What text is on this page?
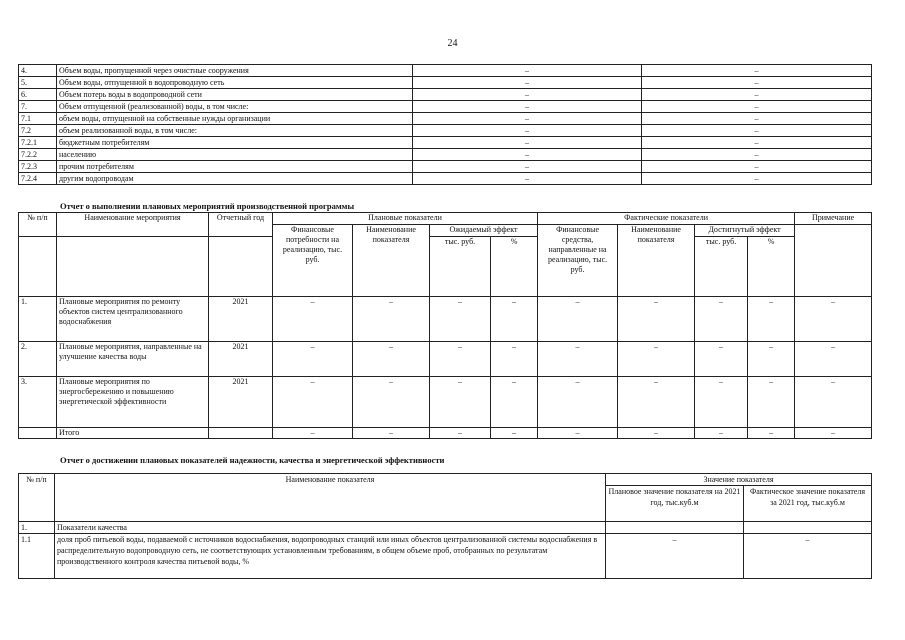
24
4.	Объем воды, пропущенной через очистные сооружения	–	–
5.	Объем воды, отпущенной в водопроводную сеть	–	–
6.	Объем потерь воды в водопроводной сети	–	–
7.	Объем отпущенной (реализованной) воды, в том числе:	–	–
7.1	объем воды, отпущенной на собственные нужды организации	–	–
7.2	объем реализованной воды, в том числе:	–	–
7.2.1	бюджетным потребителям	–	–
7.2.2	населению	–	–
7.2.3	прочим потребителям	–	–
7.2.4	другим водопроводам	–	–
Отчет о выполнении плановых мероприятий производственной программы
№ п/п	Наименование мероприятия	Отчетный год	Плановые показатели				Фактические показатели				Примечание
			Финансовые потребности на реализацию, тыс. руб.	Наименование показателя	Ожидаемый эффект		Финансовые средства, направленные на реализацию, тыс. руб.	Наименование показателя	Достигнутый эффект		
					тыс. руб.	%			тыс. руб.	%	
1.	Плановые мероприятия по ремонту объектов систем централизованного водоснабжения	2021	–	–	–	–	–	–	–	–	–
2.	Плановые мероприятия, направленные на улучшение качества воды	2021	–	–	–	–	–	–	–	–	–
3.	Плановые мероприятия по энергосбережению и повышению энергетической эффективности	2021	–	–	–	–	–	–	–	–	–
	Итого		–	–	–	–	–	–	–	–	–
Отчет о достижении плановых показателей надежности, качества и энергетической эффективности
№ п/п	Наименование показателя	Значение показателя	
		Плановое значение показателя на 2021 год, тыс.куб.м	Фактическое значение показателя за 2021 год, тыс.куб.м
1.	Показатели качества		
1.1	доля проб питьевой воды, подаваемой с источников водоснабжения, водопроводных станций или иных объектов централизованной системы водоснабжения в распределительную водопроводную сеть, не соответствующих установленным требованиям, в общем объеме проб, отобранных по результатам производственного контроля качества питьевой воды, %	–	–
